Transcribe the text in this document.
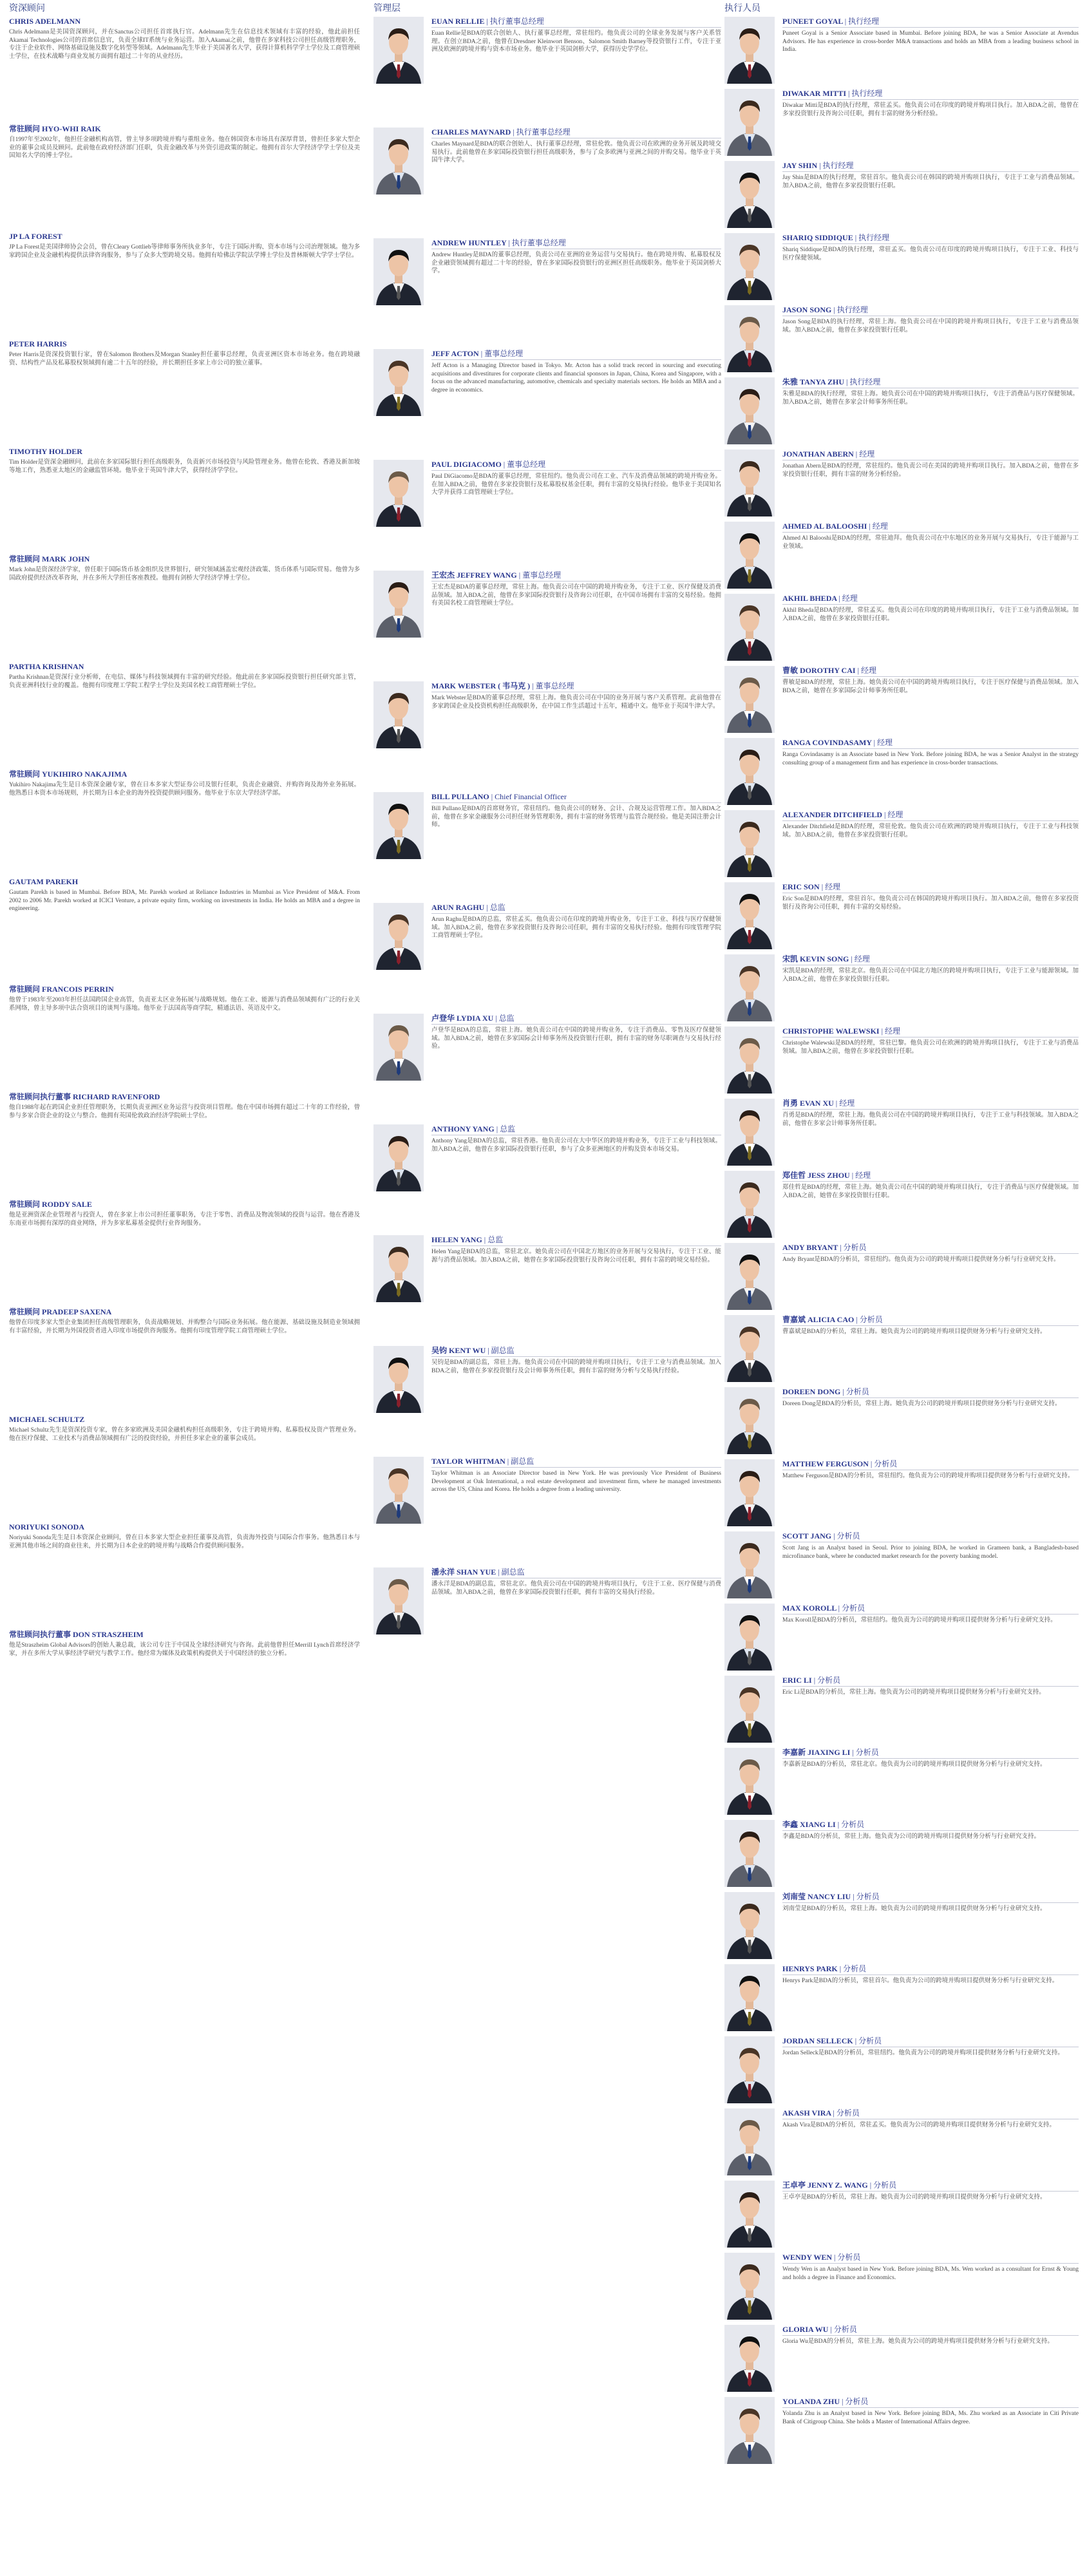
资深顾问
CHRIS ADELMANN
Chris Adelmann是美国资深顾问，并在Sanctus公司担任首席执行官。Adelmann先生在信息技术领域有丰富的经验，他此前担任Akamai Technologies公司的首席信息官，负责全球IT系统与业务运营。加入Akamai之前，他曾在多家科技公司担任高级管理职务，专注于企业软件、网络基础设施及数字化转型等领域。Adelmann先生毕业于美国著名大学，获得计算机科学学士学位及工商管理硕士学位，在技术战略与商业发展方面拥有超过二十年的从业经历。
常驻顾问 HYO-WHI RAIK
自1997年至2002年，他担任金融机构高管，曾主导多项跨境并购与重组业务。他在韩国资本市场具有深厚背景，曾担任多家大型企业的董事会成员及顾问。此前他在政府经济部门任职，负责金融改革与外资引进政策的制定。他拥有首尔大学经济学学士学位及美国知名大学的博士学位。
JP LA FOREST
JP La Forest是美国律师协会会员，曾在Cleary Gottlieb等律师事务所执业多年，专注于国际并购、资本市场与公司治理领域。他为多家跨国企业及金融机构提供法律咨询服务，参与了众多大型跨境交易。他拥有哈佛法学院法学博士学位及普林斯顿大学学士学位。
PETER HARRIS
Peter Harris是资深投资银行家，曾在Salomon Brothers及Morgan Stanley担任董事总经理，负责亚洲区资本市场业务。他在跨境融资、结构性产品及私募股权领域拥有逾二十五年的经验，并长期担任多家上市公司的独立董事。
TIMOTHY HOLDER
Tim Holder是资深金融顾问，此前在多家国际银行担任高级职务，负责新兴市场投资与风险管理业务。他曾在伦敦、香港及新加坡等地工作，熟悉亚太地区的金融监管环境。他毕业于英国牛津大学，获得经济学学位。
常驻顾问 MARK JOHN
Mark John是资深经济学家，曾任职于国际货币基金组织及世界银行，研究领域涵盖宏观经济政策、货币体系与国际贸易。他曾为多国政府提供经济改革咨询，并在多所大学担任客座教授。他拥有剑桥大学经济学博士学位。
PARTHA KRISHNAN
Partha Krishnan是资深行业分析师，在电信、媒体与科技领域拥有丰富的研究经验。他此前在多家国际投资银行担任研究部主管，负责亚洲科技行业的覆盖。他拥有印度理工学院工程学士学位及美国名校工商管理硕士学位。
常驻顾问 YUKIHIRO NAKAJIMA
Yukihiro Nakajima先生是日本资深金融专家，曾在日本多家大型证券公司及银行任职，负责企业融资、并购咨询及海外业务拓展。他熟悉日本资本市场规则，并长期为日本企业的海外投资提供顾问服务。他毕业于东京大学经济学部。
GAUTAM PAREKH
Gautam Parekh is based in Mumbai. Before BDA, Mr. Parekh worked at Reliance Industries in Mumbai as Vice President of M&A. From 2002 to 2006 Mr. Parekh worked at ICICI Venture, a private equity firm, working on investments in India. He holds an MBA and a degree in engineering.
常驻顾问 FRANCOIS PERRIN
他曾于1983年至2003年担任法国跨国企业高管，负责亚太区业务拓展与战略规划。他在工业、能源与消费品领域拥有广泛的行业关系网络，曾主导多项中法合资项目的谈判与落地。他毕业于法国高等商学院，精通法语、英语及中文。
常驻顾问执行董事 RICHARD RAVENFORD
他自1988年起在跨国企业担任管理职务，长期负责亚洲区业务运营与投资项目管理。他在中国市场拥有超过二十年的工作经验，曾参与多家合资企业的设立与整合。他拥有英国伦敦政治经济学院硕士学位。
常驻顾问 RODDY SALE
他是亚洲资深企业管理者与投资人，曾在多家上市公司担任董事职务，专注于零售、消费品及物流领域的投资与运营。他在香港及东南亚市场拥有深厚的商业网络，并为多家私募基金提供行业咨询服务。
常驻顾问 PRADEEP SAXENA
他曾在印度多家大型企业集团担任高级管理职务，负责战略规划、并购整合与国际业务拓展。他在能源、基础设施及制造业领域拥有丰富经验，并长期为外国投资者进入印度市场提供咨询服务。他拥有印度管理学院工商管理硕士学位。
MICHAEL SCHULTZ
Michael Schultz先生是资深投资专家，曾在多家欧洲及美国金融机构担任高级职务，专注于跨境并购、私募股权及资产管理业务。他在医疗保健、工业技术与消费品领域拥有广泛的投资经验，并担任多家企业的董事会成员。
NORIYUKI SONODA
Noriyuki Sonoda先生是日本资深企业顾问，曾在日本多家大型企业担任董事及高管，负责海外投资与国际合作事务。他熟悉日本与亚洲其他市场之间的商业往来，并长期为日本企业的跨境并购与战略合作提供顾问服务。
常驻顾问执行董事 DON STRASZHEIM
他是Straszheim Global Advisors的创始人兼总裁，该公司专注于中国及全球经济研究与咨询。此前他曾担任Merrill Lynch首席经济学家，并在多所大学从事经济学研究与教学工作。他经常为媒体及政策机构提供关于中国经济的独立分析。
管理层
EUAN RELLIE | 执行董事总经理
Euan Rellie是BDA的联合创始人、执行董事总经理，常驻纽约。他负责公司的全球业务发展与客户关系管理。在创立BDA之前，他曾在Dresdner Kleinwort Benson、Salomon Smith Barney等投资银行工作，专注于亚洲及欧洲的跨境并购与资本市场业务。他毕业于英国剑桥大学，获得历史学学位。
CHARLES MAYNARD | 执行董事总经理
Charles Maynard是BDA的联合创始人、执行董事总经理，常驻伦敦。他负责公司在欧洲的业务开展及跨境交易执行。此前他曾在多家国际投资银行担任高级职务，参与了众多欧洲与亚洲之间的并购交易。他毕业于英国牛津大学。
ANDREW HUNTLEY | 执行董事总经理
Andrew Huntley是BDA的董事总经理，负责公司在亚洲的业务运营与交易执行。他在跨境并购、私募股权及企业融资领域拥有超过二十年的经验，曾在多家国际投资银行的亚洲区担任高级职务。他毕业于英国剑桥大学。
JEFF ACTON | 董事总经理
Jeff Acton is a Managing Director based in Tokyo. Mr. Acton has a solid track record in sourcing and executing acquisitions and divestitures for corporate clients and financial sponsors in Japan, China, Korea and Singapore, with a focus on the advanced manufacturing, automotive, chemicals and specialty materials sectors. He holds an MBA and a degree in economics.
PAUL DIGIACOMO | 董事总经理
Paul DiGiacomo是BDA的董事总经理，常驻纽约。他负责公司在工业、汽车及消费品领域的跨境并购业务。在加入BDA之前，他曾在多家投资银行及私募股权基金任职，拥有丰富的交易执行经验。他毕业于美国知名大学并获得工商管理硕士学位。
王宏杰 JEFFREY WANG | 董事总经理
王宏杰是BDA的董事总经理，常驻上海。他负责公司在中国的跨境并购业务，专注于工业、医疗保健及消费品领域。加入BDA之前，他曾在多家国际投资银行及咨询公司任职，在中国市场拥有丰富的交易经验。他拥有美国名校工商管理硕士学位。
MARK WEBSTER ( 韦马克 ) | 董事总经理
Mark Webster是BDA的董事总经理，常驻上海。他负责公司在中国的业务开展与客户关系管理。此前他曾在多家跨国企业及投资机构担任高级职务，在中国工作生活超过十五年，精通中文。他毕业于英国牛津大学。
BILL PULLANO | Chief Financial Officer
Bill Pullano是BDA的首席财务官，常驻纽约。他负责公司的财务、会计、合规及运营管理工作。加入BDA之前，他曾在多家金融服务公司担任财务管理职务，拥有丰富的财务管理与监管合规经验。他是美国注册会计师。
ARUN RAGHU | 总监
Arun Raghu是BDA的总监，常驻孟买。他负责公司在印度的跨境并购业务，专注于工业、科技与医疗保健领域。加入BDA之前，他曾在多家投资银行及咨询公司任职，拥有丰富的交易执行经验。他拥有印度管理学院工商管理硕士学位。
卢登华 LYDIA XU | 总监
卢登华是BDA的总监，常驻上海。她负责公司在中国的跨境并购业务，专注于消费品、零售及医疗保健领域。加入BDA之前，她曾在多家国际会计师事务所及投资银行任职，拥有丰富的财务尽职调查与交易执行经验。
ANTHONY YANG | 总监
Anthony Yang是BDA的总监，常驻香港。他负责公司在大中华区的跨境并购业务，专注于工业与科技领域。加入BDA之前，他曾在多家国际投资银行任职，参与了众多亚洲地区的并购及资本市场交易。
HELEN YANG | 总监
Helen Yang是BDA的总监，常驻北京。她负责公司在中国北方地区的业务开展与交易执行，专注于工业、能源与消费品领域。加入BDA之前，她曾在多家国际投资银行及咨询公司任职，拥有丰富的跨境交易经验。
吴钧 KENT WU | 副总监
吴钧是BDA的副总监，常驻上海。他负责公司在中国的跨境并购项目执行，专注于工业与消费品领域。加入BDA之前，他曾在多家投资银行及会计师事务所任职，拥有丰富的财务分析与交易执行经验。
TAYLOR WHITMAN | 副总监
Taylor Whitman is an Associate Director based in New York. He was previously Vice President of Business Development at Oak International, a real estate development and investment firm, where he managed investments across the US, China and Korea. He holds a degree from a leading university.
潘永洋 SHAN YUE | 副总监
潘永洋是BDA的副总监，常驻北京。他负责公司在中国的跨境并购项目执行，专注于工业、医疗保健与消费品领域。加入BDA之前，他曾在多家国际投资银行任职，拥有丰富的交易执行经验。
执行人员
PUNEET GOYAL | 执行经理
Puneet Goyal is a Senior Associate based in Mumbai. Before joining BDA, he was a Senior Associate at Avendus Advisors. He has experience in cross-border M&A transactions and holds an MBA from a leading business school in India.
DIWAKAR MITTI | 执行经理
Diwakar Mitti是BDA的执行经理，常驻孟买。他负责公司在印度的跨境并购项目执行。加入BDA之前，他曾在多家投资银行及咨询公司任职，拥有丰富的财务分析经验。
JAY SHIN | 执行经理
Jay Shin是BDA的执行经理，常驻首尔。他负责公司在韩国的跨境并购项目执行，专注于工业与消费品领域。加入BDA之前，他曾在多家投资银行任职。
SHARIQ SIDDIQUE | 执行经理
Shariq Siddique是BDA的执行经理，常驻孟买。他负责公司在印度的跨境并购项目执行，专注于工业、科技与医疗保健领域。
JASON SONG | 执行经理
Jason Song是BDA的执行经理，常驻上海。他负责公司在中国的跨境并购项目执行，专注于工业与消费品领域。加入BDA之前，他曾在多家投资银行任职。
朱雅 TANYA ZHU | 执行经理
朱雅是BDA的执行经理，常驻上海。她负责公司在中国的跨境并购项目执行，专注于消费品与医疗保健领域。加入BDA之前，她曾在多家会计师事务所任职。
JONATHAN ABERN | 经理
Jonathan Abern是BDA的经理，常驻纽约。他负责公司在美国的跨境并购项目执行。加入BDA之前，他曾在多家投资银行任职，拥有丰富的财务分析经验。
AHMED AL BALOOSHI | 经理
Ahmed Al Balooshi是BDA的经理，常驻迪拜。他负责公司在中东地区的业务开展与交易执行，专注于能源与工业领域。
AKHIL BHEDA | 经理
Akhil Bheda是BDA的经理，常驻孟买。他负责公司在印度的跨境并购项目执行，专注于工业与消费品领域。加入BDA之前，他曾在多家投资银行任职。
曹敏 DOROTHY CAI | 经理
曹敏是BDA的经理，常驻上海。她负责公司在中国的跨境并购项目执行，专注于医疗保健与消费品领域。加入BDA之前，她曾在多家国际会计师事务所任职。
RANGA COVINDASAMY | 经理
Ranga Covindasamy is an Associate based in New York. Before joining BDA, he was a Senior Analyst in the strategy consulting group of a management firm and has experience in cross-border transactions.
ALEXANDER DITCHFIELD | 经理
Alexander Ditchfield是BDA的经理，常驻伦敦。他负责公司在欧洲的跨境并购项目执行，专注于工业与科技领域。加入BDA之前，他曾在多家投资银行任职。
ERIC SON | 经理
Eric Son是BDA的经理，常驻首尔。他负责公司在韩国的跨境并购项目执行。加入BDA之前，他曾在多家投资银行及咨询公司任职，拥有丰富的交易经验。
宋凯 KEVIN SONG | 经理
宋凯是BDA的经理，常驻北京。他负责公司在中国北方地区的跨境并购项目执行，专注于工业与能源领域。加入BDA之前，他曾在多家投资银行任职。
CHRISTOPHE WALEWSKI | 经理
Christophe Walewski是BDA的经理，常驻巴黎。他负责公司在欧洲的跨境并购项目执行，专注于工业与消费品领域。加入BDA之前，他曾在多家投资银行任职。
肖勇 EVAN XU | 经理
肖勇是BDA的经理，常驻上海。他负责公司在中国的跨境并购项目执行，专注于工业与科技领域。加入BDA之前，他曾在多家会计师事务所任职。
郑佳哲 JESS ZHOU | 经理
郑佳哲是BDA的经理，常驻上海。她负责公司在中国的跨境并购项目执行，专注于消费品与医疗保健领域。加入BDA之前，她曾在多家投资银行任职。
ANDY BRYANT | 分析员
Andy Bryant是BDA的分析员，常驻纽约。他负责为公司的跨境并购项目提供财务分析与行业研究支持。
曹嘉斌 ALICIA CAO | 分析员
曹嘉斌是BDA的分析员，常驻上海。她负责为公司的跨境并购项目提供财务分析与行业研究支持。
DOREEN DONG | 分析员
Doreen Dong是BDA的分析员，常驻上海。她负责为公司的跨境并购项目提供财务分析与行业研究支持。
MATTHEW FERGUSON | 分析员
Matthew Ferguson是BDA的分析员，常驻纽约。他负责为公司的跨境并购项目提供财务分析与行业研究支持。
SCOTT JANG | 分析员
Scott Jang is an Analyst based in Seoul. Prior to joining BDA, he worked in Grameen bank, a Bangladesh-based microfinance bank, where he conducted market research for the poverty banking model.
MAX KOROLL | 分析员
Max Koroll是BDA的分析员，常驻纽约。他负责为公司的跨境并购项目提供财务分析与行业研究支持。
ERIC LI | 分析员
Eric Li是BDA的分析员，常驻上海。他负责为公司的跨境并购项目提供财务分析与行业研究支持。
李嘉新 JIAXING LI | 分析员
李嘉新是BDA的分析员，常驻北京。他负责为公司的跨境并购项目提供财务分析与行业研究支持。
李鑫 XIANG LI | 分析员
李鑫是BDA的分析员，常驻上海。他负责为公司的跨境并购项目提供财务分析与行业研究支持。
刘南莹 NANCY LIU | 分析员
刘南莹是BDA的分析员，常驻上海。她负责为公司的跨境并购项目提供财务分析与行业研究支持。
HENRYS PARK | 分析员
Henrys Park是BDA的分析员，常驻首尔。他负责为公司的跨境并购项目提供财务分析与行业研究支持。
JORDAN SELLECK | 分析员
Jordan Selleck是BDA的分析员，常驻纽约。他负责为公司的跨境并购项目提供财务分析与行业研究支持。
AKASH VIRA | 分析员
Akash Vira是BDA的分析员，常驻孟买。他负责为公司的跨境并购项目提供财务分析与行业研究支持。
王卓亭 JENNY Z. WANG | 分析员
王卓亭是BDA的分析员，常驻上海。她负责为公司的跨境并购项目提供财务分析与行业研究支持。
WENDY WEN | 分析员
Wendy Wen is an Analyst based in New York. Before joining BDA, Ms. Wen worked as a consultant for Ernst & Young and holds a degree in Finance and Economics.
GLORIA WU | 分析员
Gloria Wu是BDA的分析员，常驻上海。她负责为公司的跨境并购项目提供财务分析与行业研究支持。
YOLANDA ZHU | 分析员
Yolanda Zhu is an Analyst based in New York. Before joining BDA, Ms. Zhu worked as an Associate in Citi Private Bank of Citigroup China. She holds a Master of International Affairs degree.
